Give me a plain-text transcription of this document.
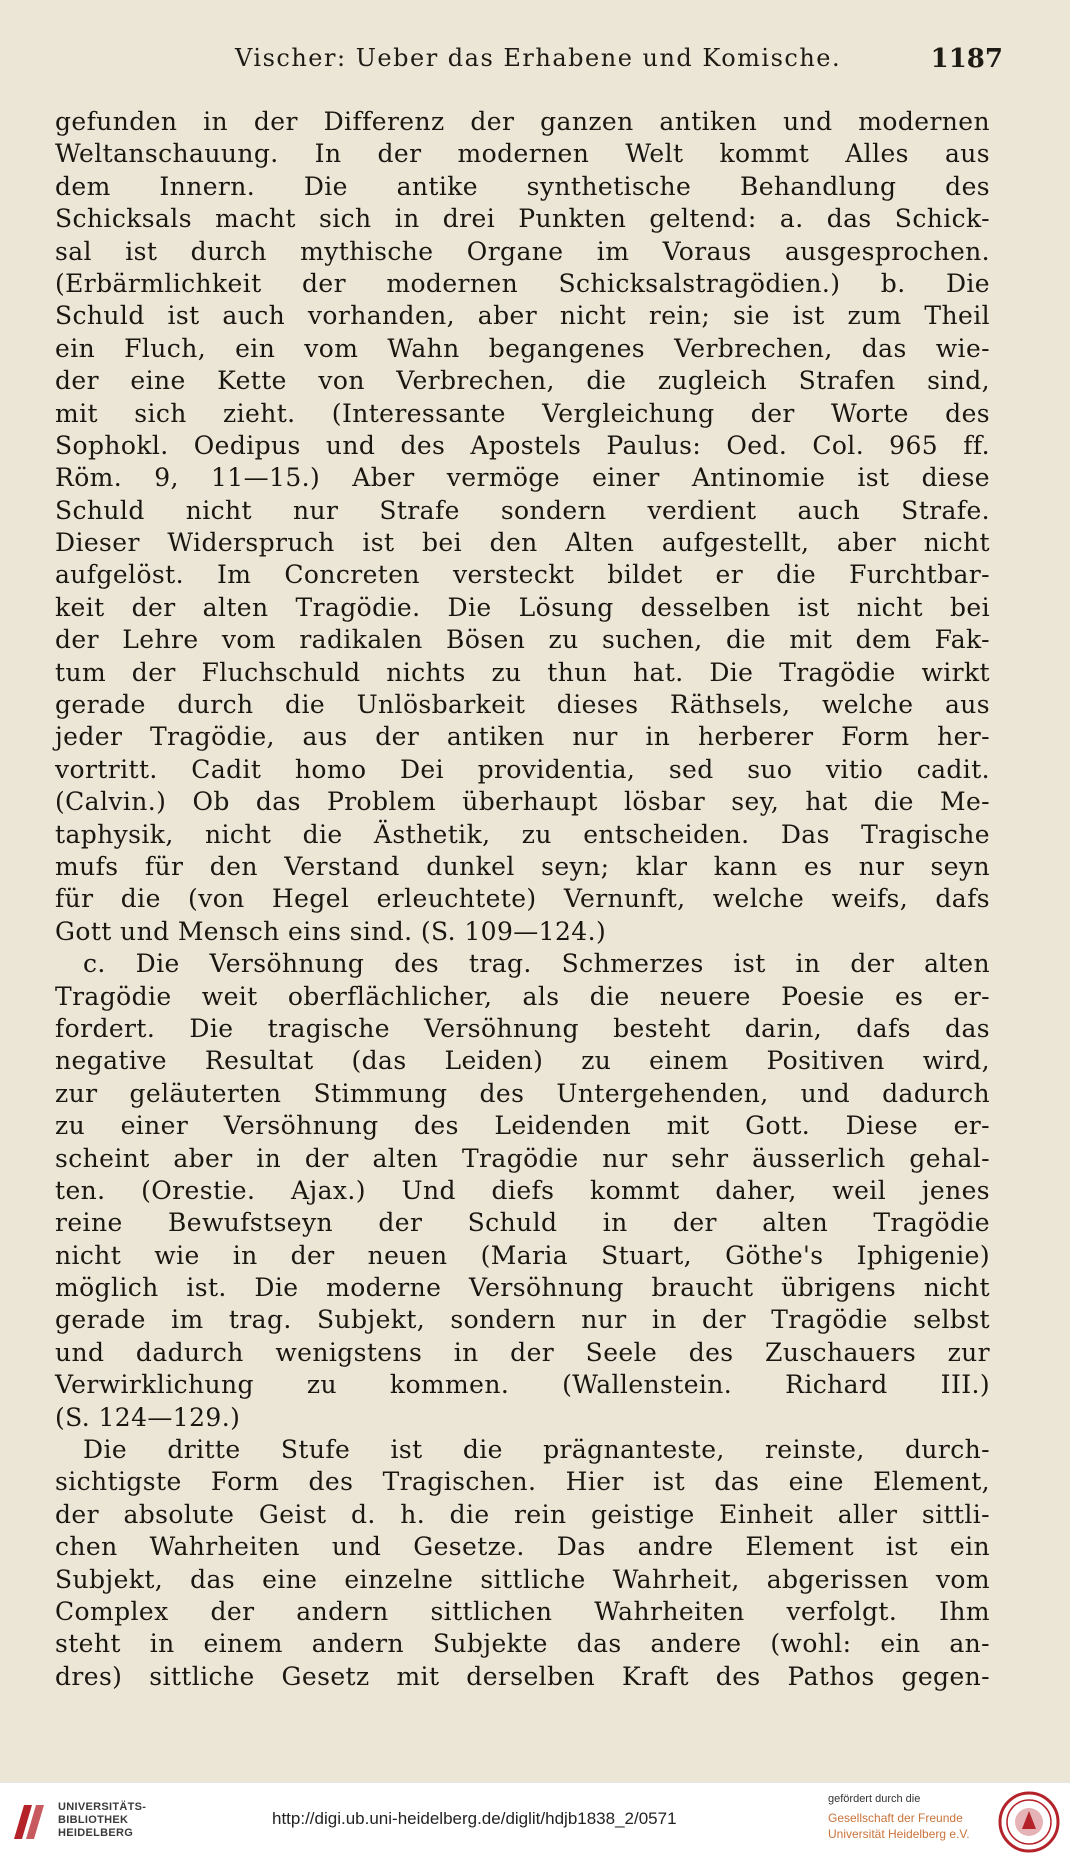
Vischer: Ueber das Erhabene und Komische.	1187
gefunden in der Differenz der ganzen antiken und modernen
Weltanschauung. In der modernen Welt kommt Alles aus
dem Innern. Die antike synthetische Behandlung des
Schicksals macht sich in drei Punkten geltend: a. das Schick-
sal ist durch mythische Organe im Voraus ausgesprochen.
(Erbärmlichkeit der modernen Schicksalstragödien.) b. Die
Schuld ist auch vorhanden, aber nicht rein; sie ist zum Theil
ein Fluch, ein vom Wahn begangenes Verbrechen, das wie-
der eine Kette von Verbrechen, die zugleich Strafen sind,
mit sich zieht. (Interessante Vergleichung der Worte des
Sophokl. Oedipus und des Apostels Paulus: Oed. Col. 965 ff.
Röm. 9, 11—15.) Aber vermöge einer Antinomie ist diese
Schuld nicht nur Strafe sondern verdient auch Strafe.
Dieser Widerspruch ist bei den Alten aufgestellt, aber nicht
aufgelöst. Im Concreten versteckt bildet er die Furchtbar-
keit der alten Tragödie. Die Lösung desselben ist nicht bei
der Lehre vom radikalen Bösen zu suchen, die mit dem Fak-
tum der Fluchschuld nichts zu thun hat. Die Tragödie wirkt
gerade durch die Unlösbarkeit dieses Räthsels, welche aus
jeder Tragödie, aus der antiken nur in herberer Form her-
vortritt. Cadit homo Dei providentia, sed suo vitio cadit.
(Calvin.) Ob das Problem überhaupt lösbar sey, hat die Me-
taphysik, nicht die Ästhetik, zu entscheiden. Das Tragische
mufs für den Verstand dunkel seyn; klar kann es nur seyn
für die (von Hegel erleuchtete) Vernunft, welche weifs, dafs
Gott und Mensch eins sind. (S. 109—124.)
c. Die Versöhnung des trag. Schmerzes ist in der alten
Tragödie weit oberflächlicher, als die neuere Poesie es er-
fordert. Die tragische Versöhnung besteht darin, dafs das
negative Resultat (das Leiden) zu einem Positiven wird,
zur geläuterten Stimmung des Untergehenden, und dadurch
zu einer Versöhnung des Leidenden mit Gott. Diese er-
scheint aber in der alten Tragödie nur sehr äusserlich gehal-
ten. (Orestie. Ajax.) Und diefs kommt daher, weil jenes
reine Bewufstseyn der Schuld in der alten Tragödie
nicht wie in der neuen (Maria Stuart, Göthe's Iphigenie)
möglich ist. Die moderne Versöhnung braucht übrigens nicht
gerade im trag. Subjekt, sondern nur in der Tragödie selbst
und dadurch wenigstens in der Seele des Zuschauers zur
Verwirklichung zu kommen. (Wallenstein. Richard III.)
(S. 124—129.)
Die dritte Stufe ist die prägnanteste, reinste, durch-
sichtigste Form des Tragischen. Hier ist das eine Element,
der absolute Geist d. h. die rein geistige Einheit aller sittli-
chen Wahrheiten und Gesetze. Das andre Element ist ein
Subjekt, das eine einzelne sittliche Wahrheit, abgerissen vom
Complex der andern sittlichen Wahrheiten verfolgt. Ihm
steht in einem andern Subjekte das andere (wohl: ein an-
dres) sittliche Gesetz mit derselben Kraft des Pathos gegen-
UNIVERSITÄTS-
BIBLIOTHEK
HEIDELBERG
http://digi.ub.uni-heidelberg.de/diglit/hdjb1838_2/0571
gefördert durch die
Gesellschaft der Freunde
Universität Heidelberg e.V.
